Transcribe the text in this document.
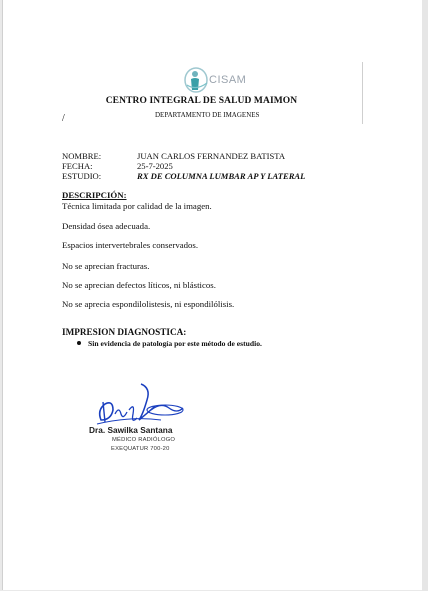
CISAM
CENTRO INTEGRAL DE SALUD MAIMON
/	DEPARTAMENTO DE IMAGENES
NOMBRE:	JUAN CARLOS FERNANDEZ BATISTA
FECHA:	25-7-2025
ESTUDIO:	RX DE COLUMNA LUMBAR AP Y LATERAL
DESCRIPCIÓN:
Técnica limitada por calidad de la imagen.
Densidad ósea adecuada.
Espacios intervertebrales conservados.
No se aprecian fracturas.
No se aprecian defectos líticos, ni blásticos.
No se aprecia espondilolistesis, ni espondilólisis.
IMPRESION DIAGNOSTICA:
Sin evidencia de patología por este método de estudio.
Dra. Sawilka Santana
MÉDICO RADIÓLOGO
EXEQUATUR 700-20
